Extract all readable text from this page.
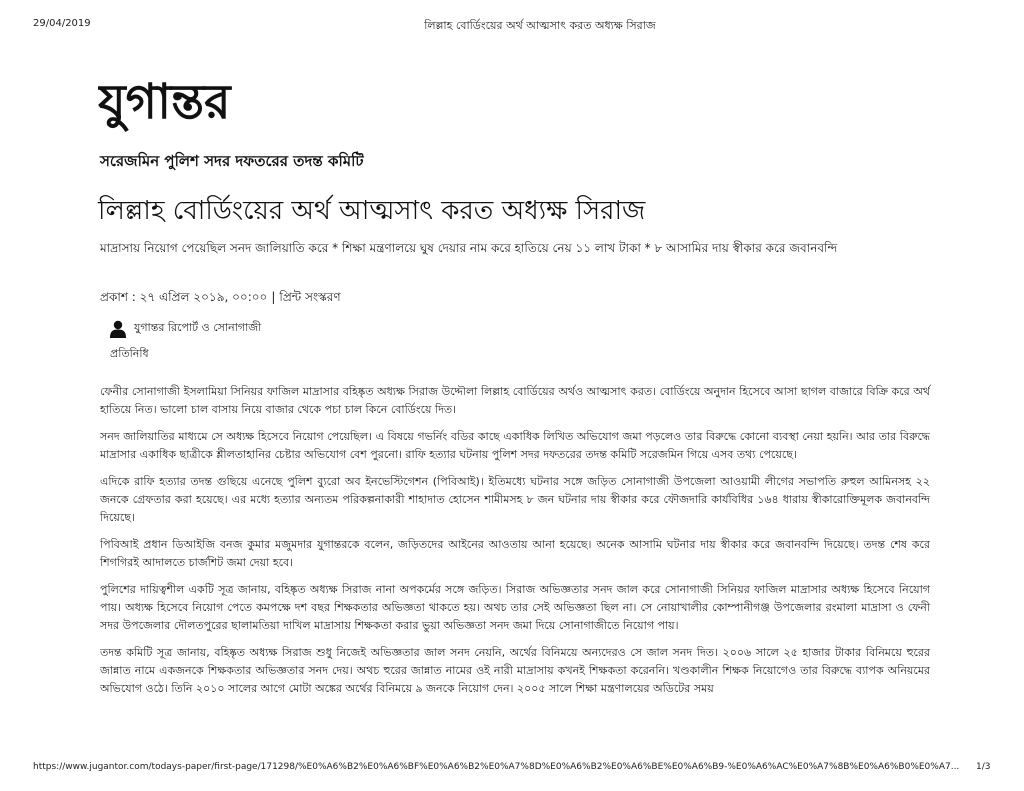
29/04/2019	লিল্লাহ বোর্ডিংয়ের অর্থ আত্মসাৎ করত অধ্যক্ষ সিরাজ
যুগান্তর
সরেজমিন পুলিশ সদর দফতরের তদন্ত কমিটি
লিল্লাহ বোর্ডিংয়ের অর্থ আত্মসাৎ করত অধ্যক্ষ সিরাজ
মাদ্রাসায় নিয়োগ পেয়েছিল সনদ জালিয়াতি করে * শিক্ষা মন্ত্রণালয়ে ঘুষ দেয়ার নাম করে হাতিয়ে নেয় ১১ লাখ টাকা * ৮ আসামির দায় স্বীকার করে জবানবন্দি
প্রকাশ : ২৭ এপ্রিল ২০১৯, ০০:০০ | প্রিন্ট সংস্করণ
যুগান্তর রিপোর্ট ও সোনাগাজী
প্রতিনিধি

ফেনীর সোনাগাজী ইসলামিয়া সিনিয়র ফাজিল মাদ্রাসার বহিষ্কৃত অধ্যক্ষ সিরাজ উদ্দৌলা লিল্লাহ বোর্ডিয়ের অর্থও আত্মসাৎ করত। বোর্ডিংয়ে অনুদান হিসেবে আসা ছাগল বাজারে বিক্রি করে অর্থ হাতিয়ে নিত। ভালো চাল বাসায় নিয়ে বাজার থেকে পচা চাল কিনে বোর্ডিংয়ে দিত।

সনদ জালিয়াতির মাধ্যমে সে অধ্যক্ষ হিসেবে নিয়োগ পেয়েছিল। এ বিষয়ে গভর্নিং বডির কাছে একাধিক লিখিত অভিযোগ জমা পড়লেও তার বিরুদ্ধে কোনো ব্যবস্থা নেয়া হয়নি। আর তার বিরুদ্ধে মাদ্রাসার একাধিক ছাত্রীকে শ্লীলতাহানির চেষ্টার অভিযোগ বেশ পুরনো। রাফি হত্যার ঘটনায় পুলিশ সদর দফতরের তদন্ত কমিটি সরেজমিন গিয়ে এসব তথ্য পেয়েছে।

এদিকে রাফি হত্যার তদন্ত গুছিয়ে এনেছে পুলিশ ব্যুরো অব ইনভেস্টিগেশন (পিবিআই)। ইতিমধ্যে ঘটনার সঙ্গে জড়িত সোনাগাজী উপজেলা আওয়ামী লীগের সভাপতি রুহুল আমিনসহ ২২ জনকে গ্রেফতার করা হয়েছে। এর মধ্যে হত্যার অন্যতম পরিকল্পনাকারী শাহাদাত হোসেন শামীমসহ ৮ জন ঘটনার দায় স্বীকার করে ফৌজদারি কার্যবিধির ১৬৪ ধারায় স্বীকারোক্তিমূলক জবানবন্দি দিয়েছে।

পিবিআই প্রধান ডিআইজি বনজ কুমার মজুমদার যুগান্তরকে বলেন, জড়িতদের আইনের আওতায় আনা হয়েছে। অনেক আসামি ঘটনার দায় স্বীকার করে জবানবন্দি দিয়েছে। তদন্ত শেষ করে শিগগিরই আদালতে চার্জশিট জমা দেয়া হবে।

পুলিশের দায়িত্বশীল একটি সূত্র জানায়, বহিষ্কৃত অধ্যক্ষ সিরাজ নানা অপকর্মের সঙ্গে জড়িত। সিরাজ অভিজ্ঞতার সনদ জাল করে সোনাগাজী সিনিয়র ফাজিল মাদ্রাসার অধ্যক্ষ হিসেবে নিয়োগ পায়। অধ্যক্ষ হিসেবে নিয়োগ পেতে কমপক্ষে দশ বছর শিক্ষকতার অভিজ্ঞতা থাকতে হয়। অথচ তার সেই অভিজ্ঞতা ছিল না। সে নোয়াখালীর কোম্পানীগঞ্জ উপজেলার রংমালা মাদ্রাসা ও ফেনী সদর উপজেলার দৌলতপুরের ছালামতিয়া দাখিল মাদ্রাসায় শিক্ষকতা করার ভুয়া অভিজ্ঞতা সনদ জমা দিয়ে সোনাগাজীতে নিয়োগ পায়।

তদন্ত কমিটি সূত্র জানায়, বহিষ্কৃত অধ্যক্ষ সিরাজ শুধু নিজেই অভিজ্ঞতার জাল সনদ নেয়নি, অর্থের বিনিময়ে অন্যদেরও সে জাল সনদ দিত। ২০০৬ সালে ২৫ হাজার টাকার বিনিময়ে হুরের জান্নাত নামে একজনকে শিক্ষকতার অভিজ্ঞতার সনদ দেয়। অথচ হুরের জান্নাত নামের ওই নারী মাদ্রাসায় কখনই শিক্ষকতা করেননি। খণ্ডকালীন শিক্ষক নিয়োগেও তার বিরুদ্ধে ব্যাপক অনিয়মের অভিযোগ ওঠে। তিনি ২০১০ সালের আগে মোটা অঙ্কের অর্থের বিনিময়ে ৯ জনকে নিয়োগ দেন। ২০০৫ সালে শিক্ষা মন্ত্রণালয়ের অডিটের সময়

https://www.jugantor.com/todays-paper/first-page/171298/%E0%A6%B2%E0%A6%BF%E0%A6%B2%E0%A7%8D%E0%A6%B2%E0%A6%BE%E0%A6%B9-%E0%A6%AC%E0%A7%8B%E0%A6%B0%E0%A7...	1/3
